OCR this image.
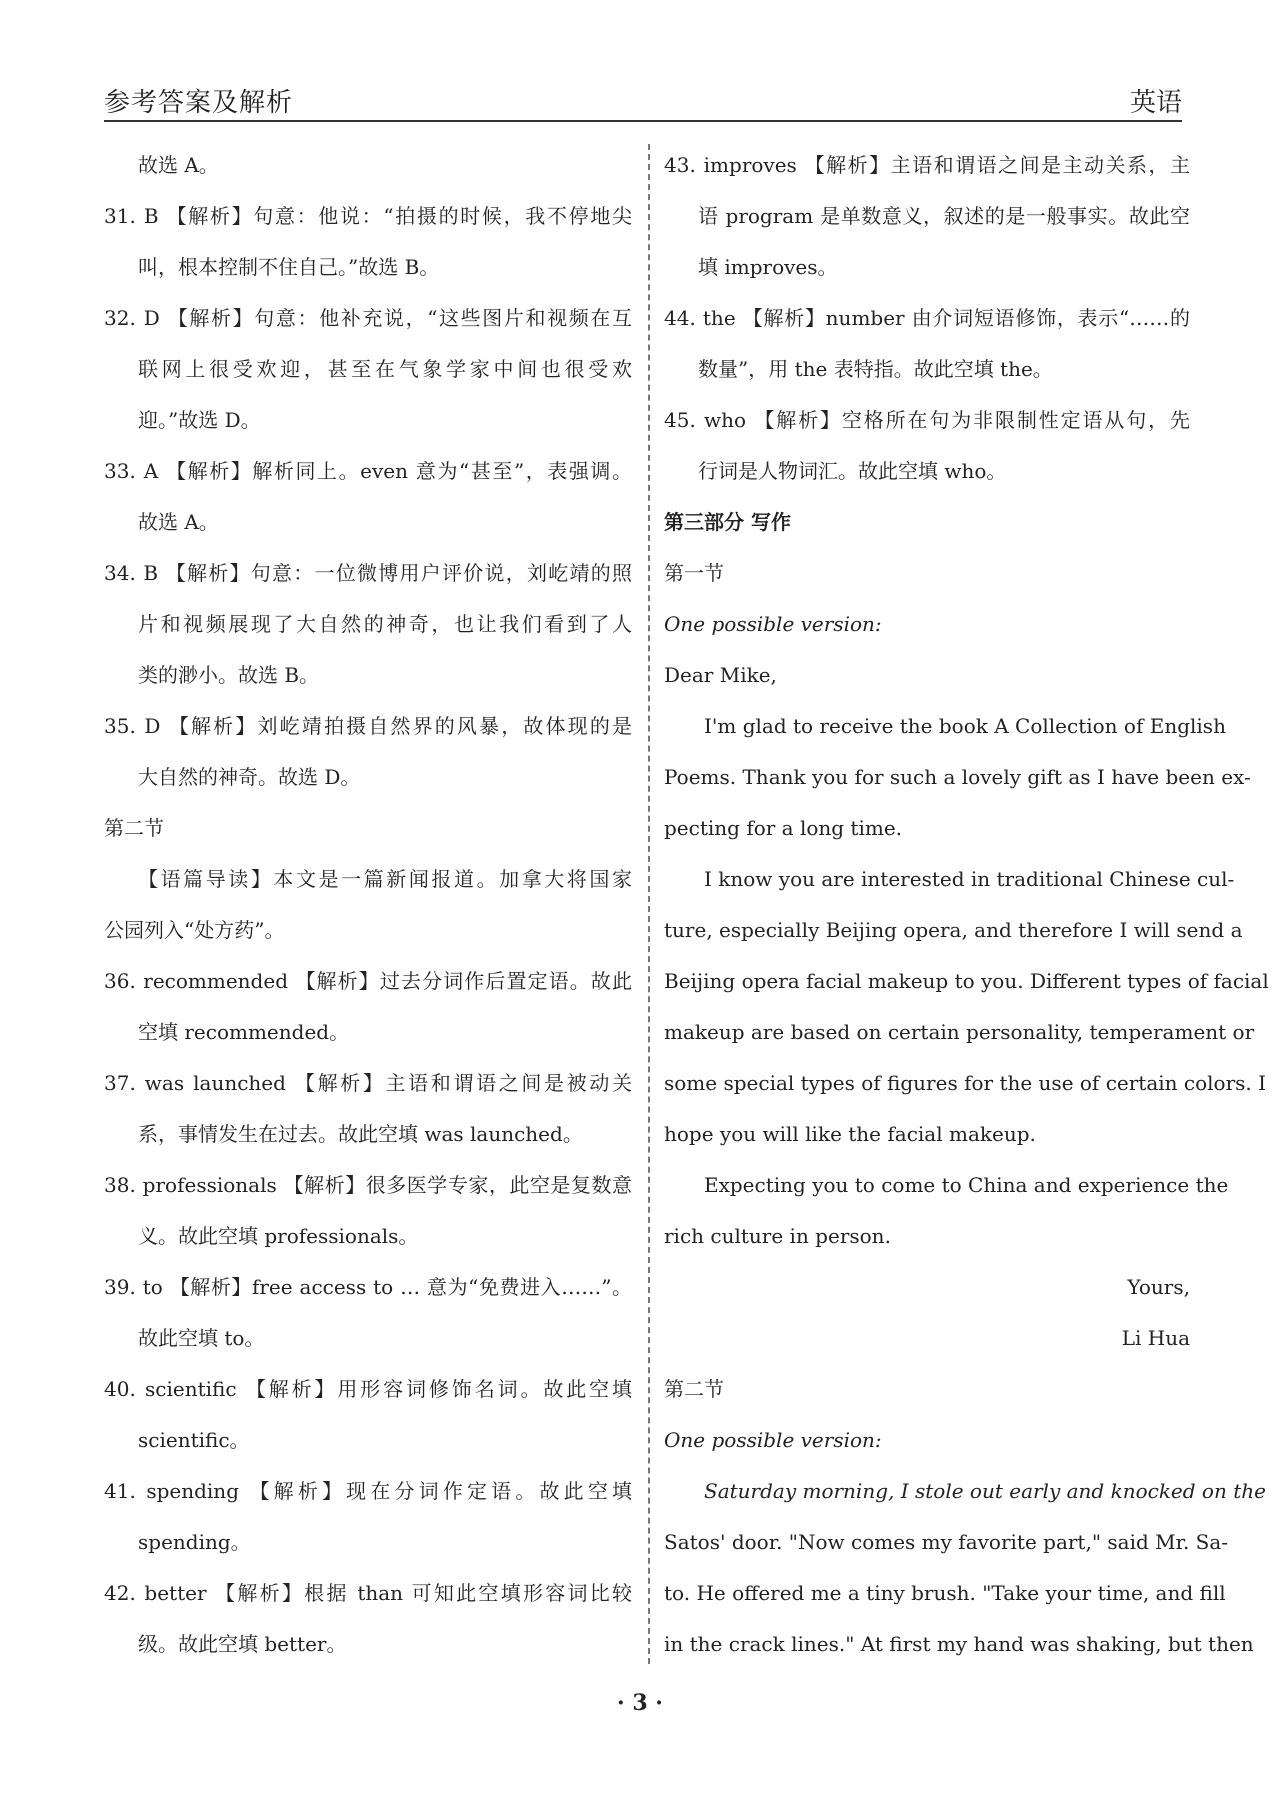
参考答案及解析	英语
故选 A。
31. B 【解析】句意：他说：“拍摄的时候，我不停地尖
叫，根本控制不住自己。”故选 B。
32. D 【解析】句意：他补充说，“这些图片和视频在互
联网上很受欢迎，甚至在气象学家中间也很受欢
迎。”故选 D。
33. A 【解析】解析同上。even 意为“甚至”，表强调。
故选 A。
34. B 【解析】句意：一位微博用户评价说，刘屹靖的照
片和视频展现了大自然的神奇，也让我们看到了人
类的渺小。故选 B。
35. D 【解析】刘屹靖拍摄自然界的风暴，故体现的是
大自然的神奇。故选 D。
第二节
【语篇导读】本文是一篇新闻报道。加拿大将国家
公园列入“处方药”。
36. recommended 【解析】过去分词作后置定语。故此
空填 recommended。
37. was launched 【解析】主语和谓语之间是被动关
系，事情发生在过去。故此空填 was launched。
38. professionals 【解析】很多医学专家，此空是复数意
义。故此空填 professionals。
39. to 【解析】free access to … 意为“免费进入……”。
故此空填 to。
40. scientific 【解析】用形容词修饰名词。故此空填
scientific。
41. spending 【解析】现在分词作定语。故此空填
spending。
42. better 【解析】根据 than 可知此空填形容词比较
级。故此空填 better。
43. improves 【解析】主语和谓语之间是主动关系，主
语 program 是单数意义，叙述的是一般事实。故此空
填 improves。
44. the 【解析】number 由介词短语修饰，表示“……的
数量”，用 the 表特指。故此空填 the。
45. who 【解析】空格所在句为非限制性定语从句，先
行词是人物词汇。故此空填 who。
第三部分 写作
第一节
One possible version:
Dear Mike,
I'm glad to receive the book A Collection of English
Poems. Thank you for such a lovely gift as I have been ex-
pecting for a long time.
I know you are interested in traditional Chinese cul-
ture, especially Beijing opera, and therefore I will send a
Beijing opera facial makeup to you. Different types of facial
makeup are based on certain personality, temperament or
some special types of figures for the use of certain colors. I
hope you will like the facial makeup.
Expecting you to come to China and experience the
rich culture in person.
Yours,
Li Hua
第二节
One possible version:
Saturday morning, I stole out early and knocked on the
Satos' door. "Now comes my favorite part," said Mr. Sa-
to. He offered me a tiny brush. "Take your time, and fill
in the crack lines." At first my hand was shaking, but then
· 3 ·
